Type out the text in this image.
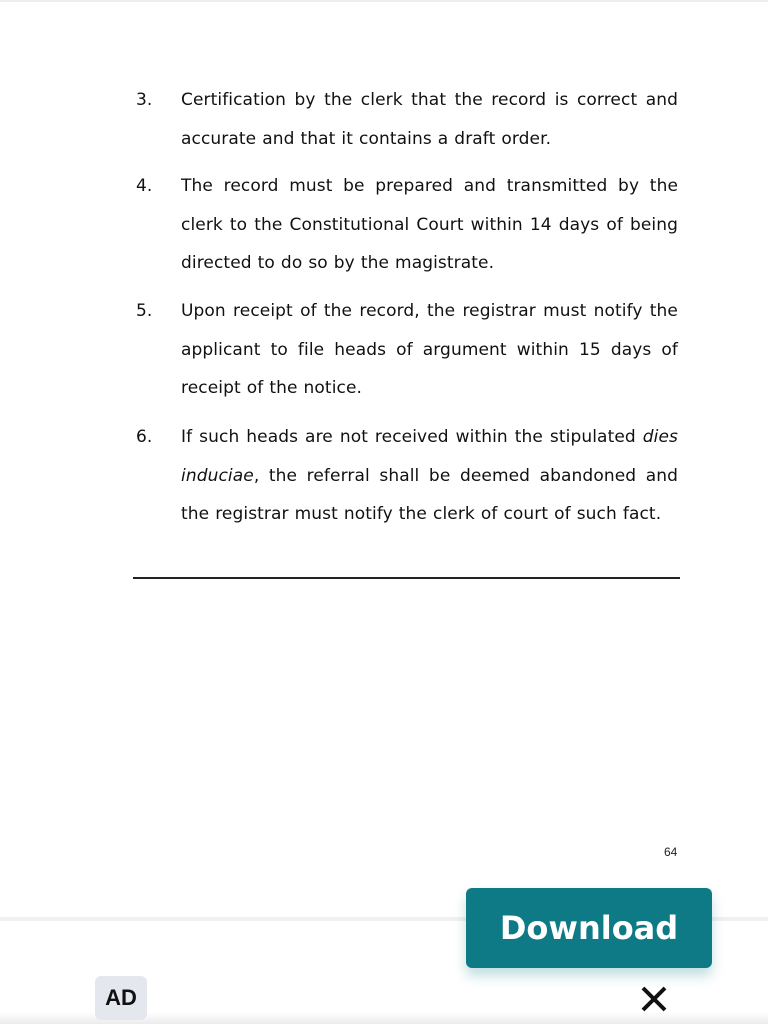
3. Certification by the clerk that the record is correct and accurate and that it contains a draft order.
4. The record must be prepared and transmitted by the clerk to the Constitutional Court within 14 days of being directed to do so by the magistrate.
5. Upon receipt of the record, the registrar must notify the applicant to file heads of argument within 15 days of receipt of the notice.
6. If such heads are not received within the stipulated dies induciae, the referral shall be deemed abandoned and the registrar must notify the clerk of court of such fact.
64
Download
AD
